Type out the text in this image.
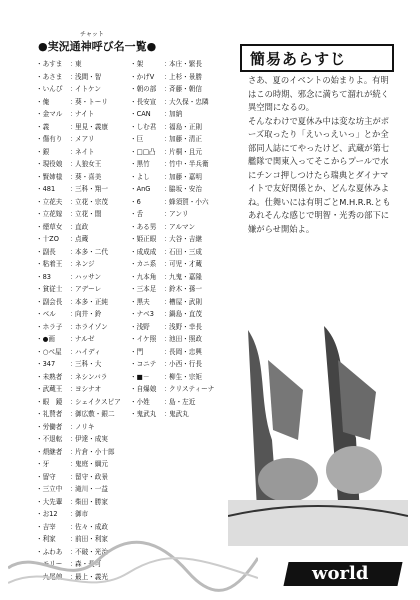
チャット
●実況通神呼び名一覧●
・あすま ：東
・あさま ：浅間・智
・いんぴ ：イトケン
・俺	：葵・トーリ
・金マル ：ナイト
・義	：里見・義康
・傷有り ：メアリ
・銀	：ネイト
・現役娘 ：人狼女王
・賢姉様 ：葵・喜美
・481 ：三科・翔一
・立花夫 ：立花・宗茂
・立花嫁 ：立花・誾
・煙草女 ：直政
・十ZO ：点蔵
・副長 ：本多・二代
・粘着王 ：ネンジ
・83	：ハッサン
・貧従士 ：アデーレ
・副会長 ：本多・正純
・ベル ：向井・鈴
・ホラ子 ：ホライゾン
・●画 ：ナルゼ
・○べ屋 ：ハイディ
・347 ：三科・大
・未熟者 ：ネシンバラ
・武蔵王 ：ヨシナオ
・眼　鏡 ：シェイクスピア
・礼賛者 ：御広敷・銀二
・労働者 ：ノリキ
・不退転 ：伊達・成実
・煩継者 ：片倉・小十郎
・牙	：鬼庭・綱元
・留守 ：留守・政景
・三立中 ：滝川・一益
・大先輩 ：柴田・勝家
・お12 ：御市
・吉宰 ：佐々・成政
・利家 ：前田・利家
・ふわあ ：不破・光治
・モリー ：森・長可
・九尾娘 ：最上・義光
・架	：本庄・繁長
・かげV ：上杉・景勝
・朝の部 ：斉藤・朝信
・長安宣 ：大久保・忠隣
・CAN ：加納
・しむ君 ：福島・正則
・巨	：加藤・清正
・□□凸 ：片桐・且元
・黒竹 ：竹中・半兵衛
・よし ：加藤・嘉明
・AnG ：脇坂・安治
・6	：蜂須賀・小六
・舌	：アンリ
・ある男 ：アルマン
・姫正眼 ：大谷・吉継
・成成成 ：石田・三成
・カニ系 ：可児・才蔵
・九本角 ：九鬼・嘉隆
・三本足 ：鈴木・孫一
・黒夫 ：槽屋・武則
・ナベ3 ：鍋島・直茂
・浅野 ：浅野・幸長
・イケ照 ：池田・照政
・門	：長岡・忠興
・コニテ ：小西・行長
・■－ ：柳生・宗矩
・自爆娘 ：クリスティーナ
・小姓 ：島・左近
・鬼武丸 ：鬼武丸
簡易あらすじ

さあ、夏のイベントの始まりよ。有明はこの時期、邪念に満ちて溜れが続く異空間になるの。

そんなわけで夏休み中は変な坊主がポーズ取ったり「えいっえいっ」とか全部同人誌にてやったけど、武蔵が第七艦隊で関東入ってそこからプールで水にチンコ押しつけたら瑞典とダイナマイトで友好関係とか、どんな夏休みよね。仕舞いには有明ごとM.H.R.R.ともあれそんな感じで明智・光秀の部下に嫌がらせ開始よ。

world
